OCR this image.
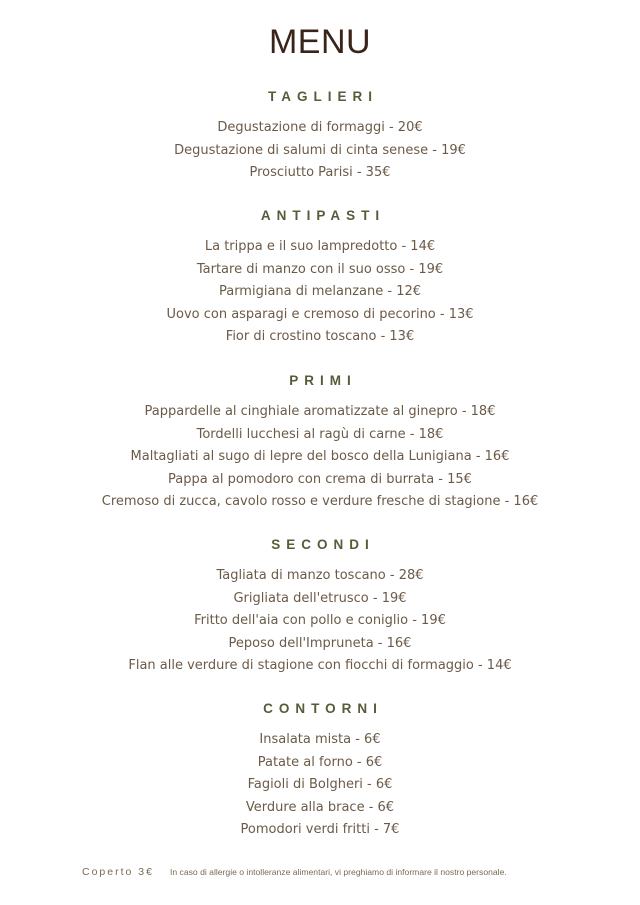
MENU
TAGLIERI
Degustazione di formaggi - 20€
Degustazione di salumi di cinta senese - 19€
Prosciutto Parisi - 35€
ANTIPASTI
La trippa e il suo lampredotto - 14€
Tartare di manzo con il suo osso - 19€
Parmigiana di melanzane - 12€
Uovo con asparagi e cremoso di pecorino - 13€
Fior di crostino toscano - 13€
PRIMI
Pappardelle al cinghiale aromatizzate al ginepro - 18€
Tordelli lucchesi al ragù di carne - 18€
Maltagliati al sugo di lepre del bosco della Lunigiana - 16€
Pappa al pomodoro con crema di burrata - 15€
Cremoso di zucca, cavolo rosso e verdure fresche di stagione - 16€
SECONDI
Tagliata di manzo toscano - 28€
Grigliata dell'etrusco - 19€
Fritto dell'aia con pollo e coniglio - 19€
Peposo dell'Impruneta - 16€
Flan alle verdure di stagione con fiocchi di formaggio - 14€
CONTORNI
Insalata mista - 6€
Patate al forno - 6€
Fagioli di Bolgheri - 6€
Verdure alla brace - 6€
Pomodori verdi fritti - 7€
Coperto 3€ In caso di allergie o intolleranze alimentari, vi preghiamo di informare il nostro personale.
